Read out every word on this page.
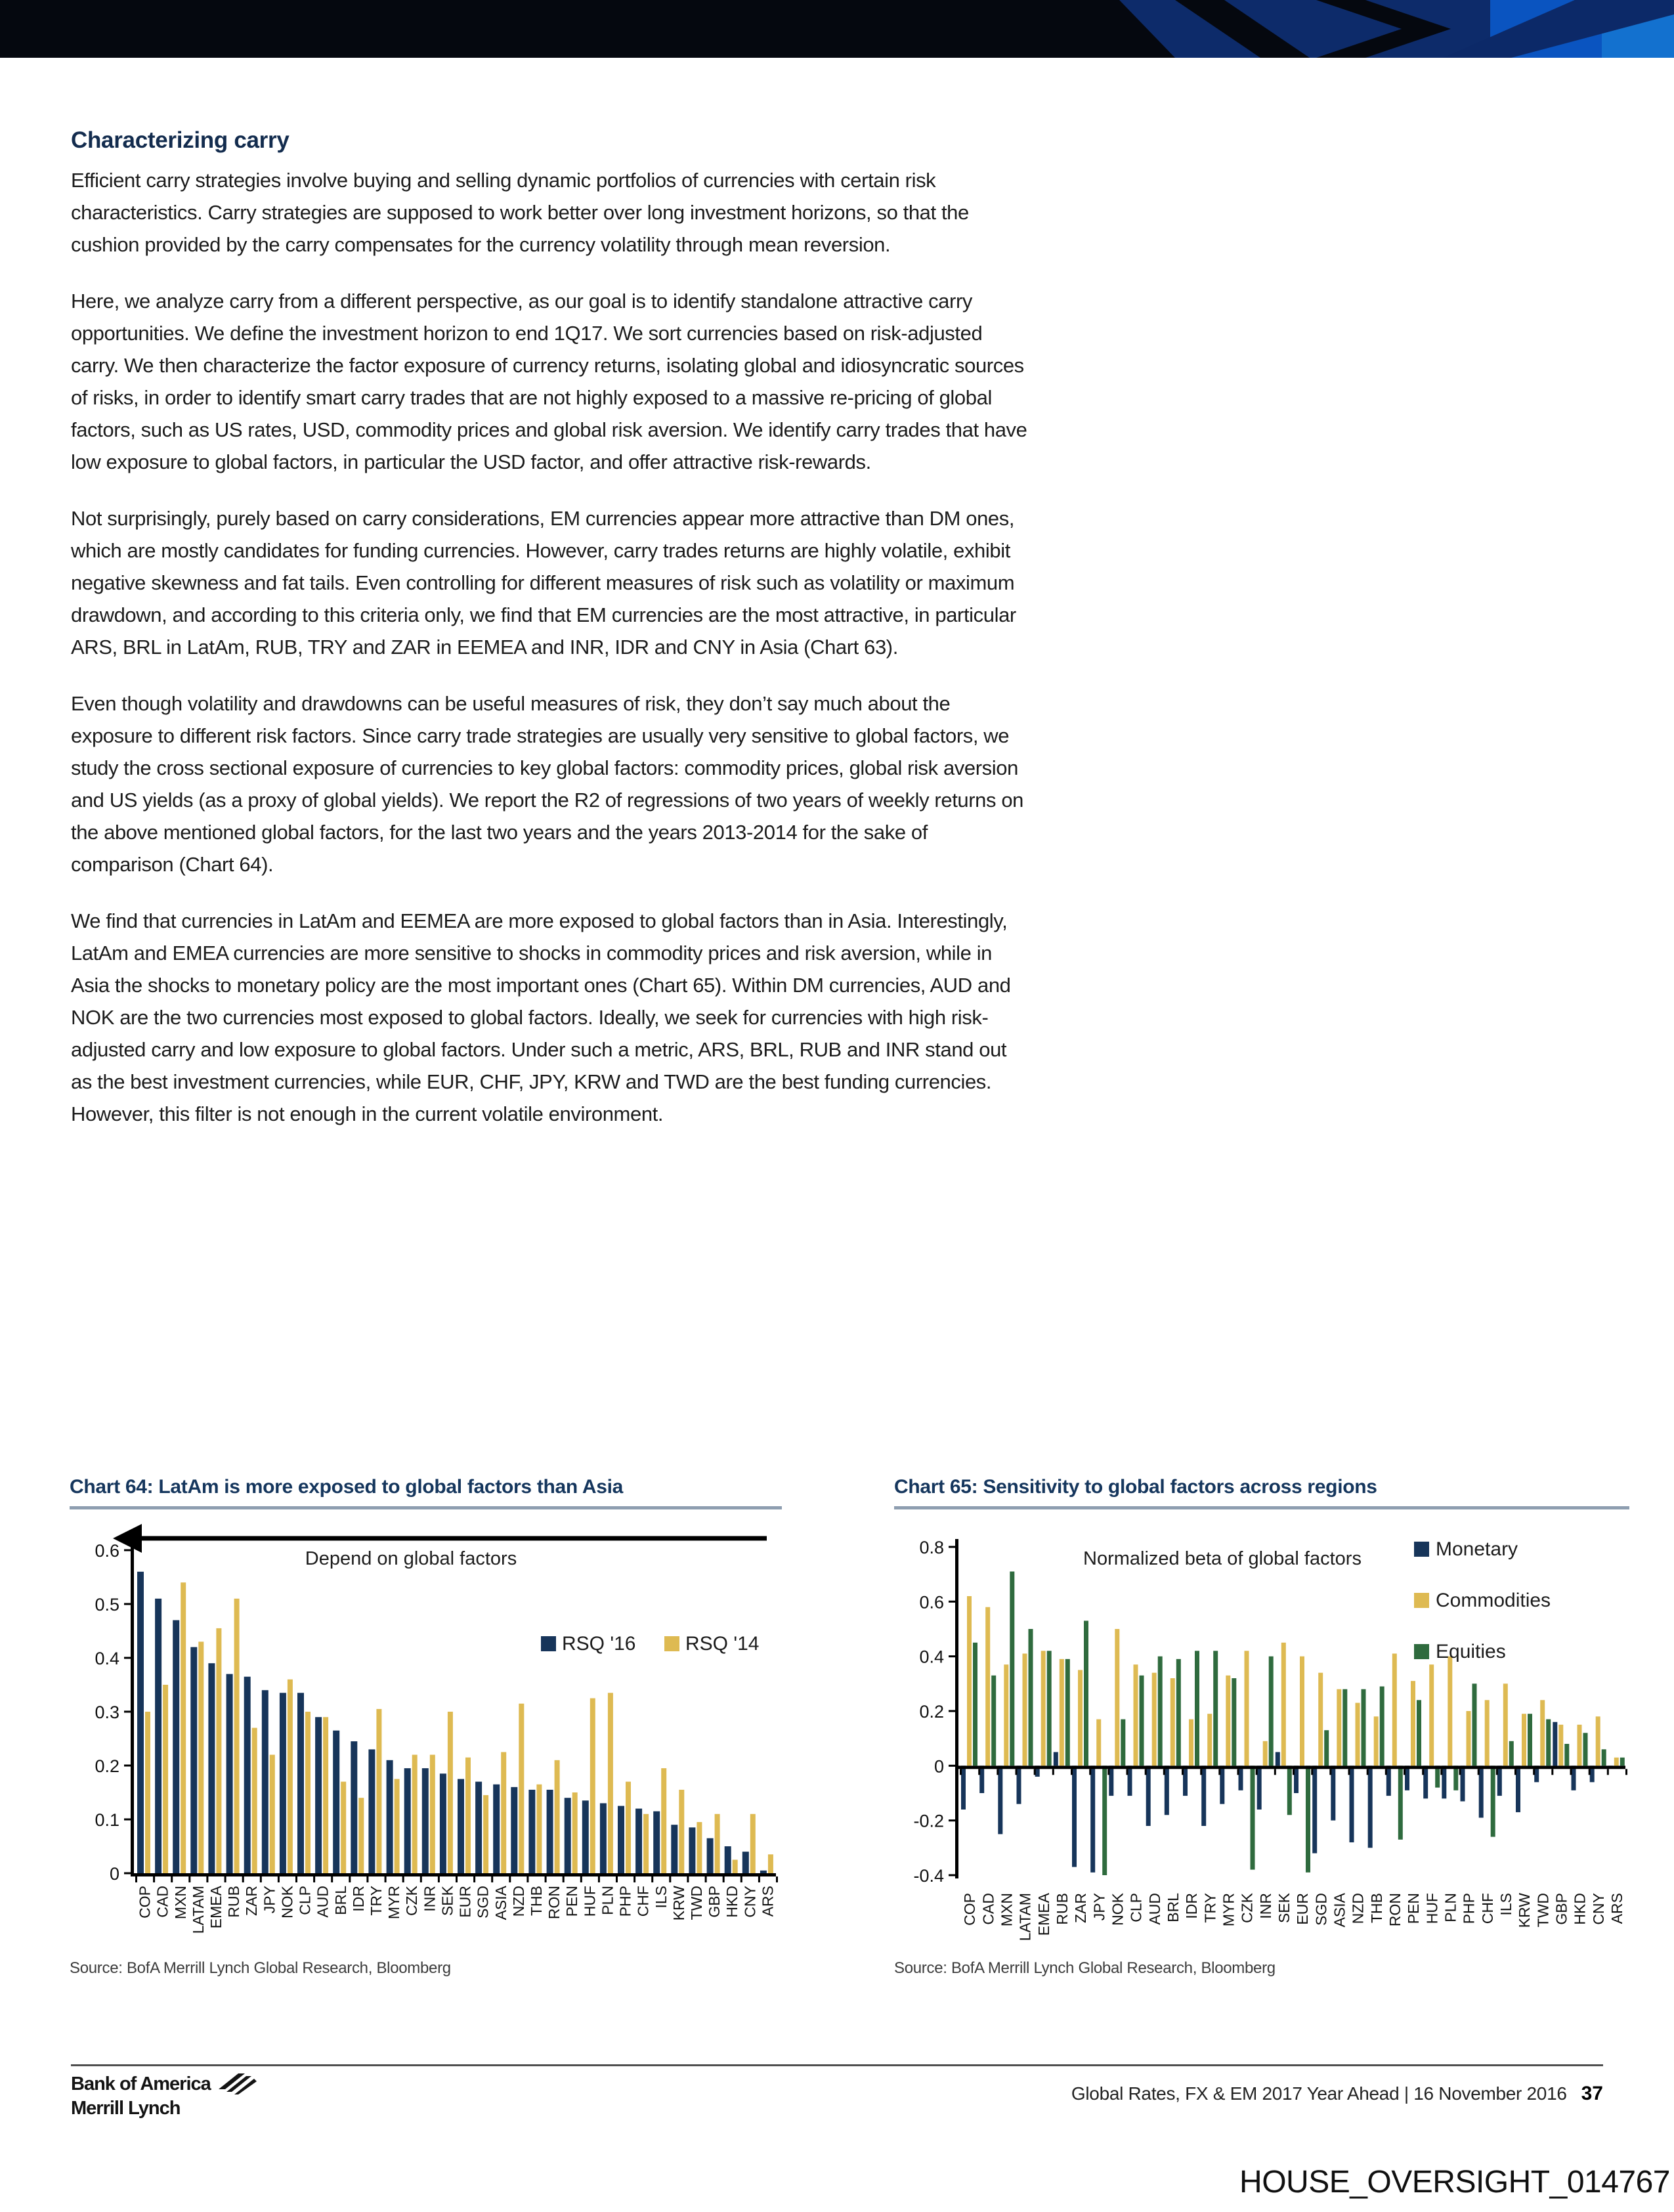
Characterizing carry

Efficient carry strategies involve buying and selling dynamic portfolios of currencies with certain risk characteristics. Carry strategies are supposed to work better over long investment horizons, so that the cushion provided by the carry compensates for the currency volatility through mean reversion.

Here, we analyze carry from a different perspective, as our goal is to identify standalone attractive carry opportunities. We define the investment horizon to end 1Q17. We sort currencies based on risk-adjusted carry. We then characterize the factor exposure of currency returns, isolating global and idiosyncratic sources of risks, in order to identify smart carry trades that are not highly exposed to a massive re-pricing of global factors, such as US rates, USD, commodity prices and global risk aversion. We identify carry trades that have low exposure to global factors, in particular the USD factor, and offer attractive risk-rewards.

Not surprisingly, purely based on carry considerations, EM currencies appear more attractive than DM ones, which are mostly candidates for funding currencies. However, carry trades returns are highly volatile, exhibit negative skewness and fat tails. Even controlling for different measures of risk such as volatility or maximum drawdown, and according to this criteria only, we find that EM currencies are the most attractive, in particular ARS, BRL in LatAm, RUB, TRY and ZAR in EEMEA and INR, IDR and CNY in Asia (Chart 63).

Even though volatility and drawdowns can be useful measures of risk, they don’t say much about the exposure to different risk factors. Since carry trade strategies are usually very sensitive to global factors, we study the cross sectional exposure of currencies to key global factors: commodity prices, global risk aversion and US yields (as a proxy of global yields). We report the R2 of regressions of two years of weekly returns on the above mentioned global factors, for the last two years and the years 2013-2014 for the sake of comparison (Chart 64).

We find that currencies in LatAm and EEMEA are more exposed to global factors than in Asia. Interestingly, LatAm and EMEA currencies are more sensitive to shocks in commodity prices and risk aversion, while in Asia the shocks to monetary policy are the most important ones (Chart 65). Within DM currencies, AUD and NOK are the two currencies most exposed to global factors. Ideally, we seek for currencies with high risk-adjusted carry and low exposure to global factors. Under such a metric, ARS, BRL, RUB and INR stand out as the best investment currencies, while EUR, CHF, JPY, KRW and TWD are the best funding currencies. However, this filter is not enough in the current volatile environment.

Chart 64: LatAm is more exposed to global factors than Asia
0
0.1
0.2
0.3
0.4
0.5
0.6
COP CAD MXN LATAM EMEA RUB ZAR JPY NOK CLP AUD BRL IDR TRY MYR CZK INR SEK EUR SGD ASIA NZD THB RON PEN HUF PLN PHP CHF ILS KRW TWD GBP HKD CNY ARS
Depend on global factors
RSQ '16	RSQ '14
Source: BofA Merrill Lynch Global Research, Bloomberg
Chart 65: Sensitivity to global factors across regions
-0.4
-0.2
0
0.2
0.4
0.6
0.8
COP CAD MXN LATAM EMEA RUB ZAR JPY NOK CLP AUD BRL IDR TRY MYR CZK INR SEK EUR SGD ASIA NZD THB RON PEN HUF PLN PHP CHF ILS KRW TWD GBP HKD CNY ARS
Normalized beta of global factors	Monetary
Commodities
Equities
Source: BofA Merrill Lynch Global Research, Bloomberg
Bank of America
Merrill Lynch
Global Rates, FX & EM 2017 Year Ahead | 16 November 2016 37
HOUSE_OVERSIGHT_014767
